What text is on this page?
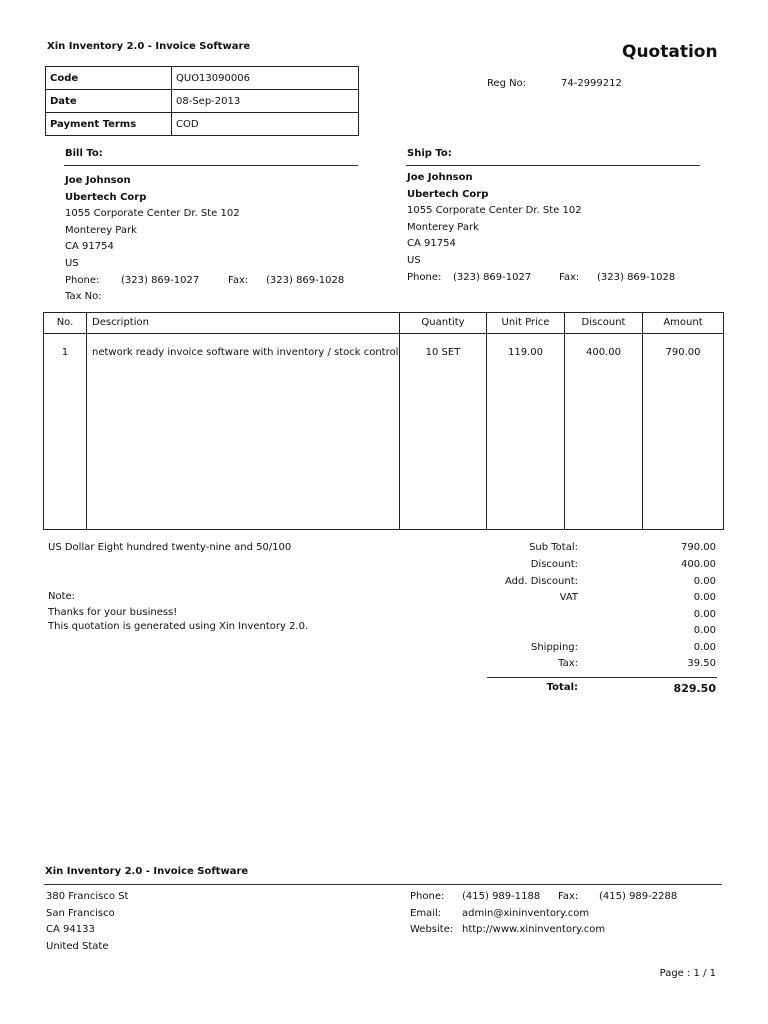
Xin Inventory 2.0 - Invoice Software	Quotation
Code	QUO13090006
Date	08-Sep-2013
Payment Terms	COD
Reg No:	74-2999212
Bill To:
Joe Johnson
Ubertech Corp
1055 Corporate Center Dr. Ste 102
Monterey Park
CA 91754
US
Phone: (323) 869-1027	Fax: (323) 869-1028
Tax No:
Ship To:
Joe Johnson
Ubertech Corp
1055 Corporate Center Dr. Ste 102
Monterey Park
CA 91754
US
Phone: (323) 869-1027	Fax: (323) 869-1028
No.	Description	Quantity	Unit Price	Discount	Amount
1	network ready invoice software with inventory / stock control	10 SET	119.00	400.00	790.00
US Dollar Eight hundred twenty-nine and 50/100
Note:
Thanks for your business!
This quotation is generated using Xin Inventory 2.0.
Sub Total:	790.00
Discount:	400.00
Add. Discount:	0.00
VAT	0.00
0.00
0.00
Shipping:	0.00
Tax:	39.50
Total:	829.50
Xin Inventory 2.0 - Invoice Software
380 Francisco St
San Francisco
CA 94133
United State
Phone: (415) 989-1188 Fax: (415) 989-2288
Email: admin@xininventory.com
Website: http://www.xininventory.com
Page : 1 / 1
